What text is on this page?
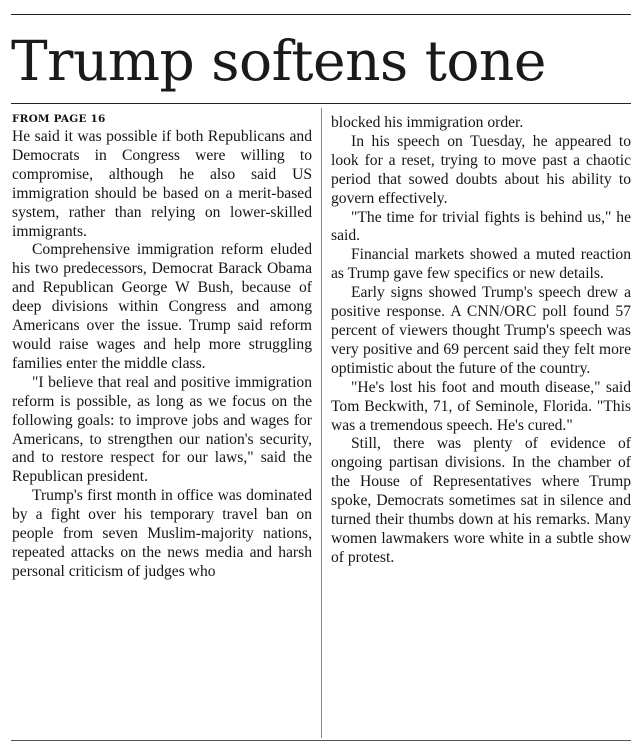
Trump softens tone
FROM PAGE 16

He said it was possible if both Republicans and Democrats in Congress were willing to compromise, although he also said US immigration should be based on a merit-based system, rather than relying on lower-skilled immigrants.

Comprehensive immigration reform eluded his two predecessors, Democrat Barack Obama and Republican George W Bush, because of deep divisions within Congress and among Americans over the issue. Trump said reform would raise wages and help more struggling families enter the middle class.

"I believe that real and positive immigration reform is possible, as long as we focus on the following goals: to improve jobs and wages for Americans, to strengthen our nation's security, and to restore respect for our laws," said the Republican president.

Trump's first month in office was dominated by a fight over his temporary travel ban on people from seven Muslim-majority nations, repeated attacks on the news media and harsh personal criticism of judges who

blocked his immigration order.

In his speech on Tuesday, he appeared to look for a reset, trying to move past a chaotic period that sowed doubts about his ability to govern effectively.

"The time for trivial fights is behind us," he said.

Financial markets showed a muted reaction as Trump gave few specifics or new details.

Early signs showed Trump's speech drew a positive response. A CNN/ORC poll found 57 percent of viewers thought Trump's speech was very positive and 69 percent said they felt more optimistic about the future of the country.

"He's lost his foot and mouth disease," said Tom Beckwith, 71, of Seminole, Florida. "This was a tremendous speech. He's cured."

Still, there was plenty of evidence of ongoing partisan divisions. In the chamber of the House of Representatives where Trump spoke, Democrats sometimes sat in silence and turned their thumbs down at his remarks. Many women lawmakers wore white in a subtle show of protest.
